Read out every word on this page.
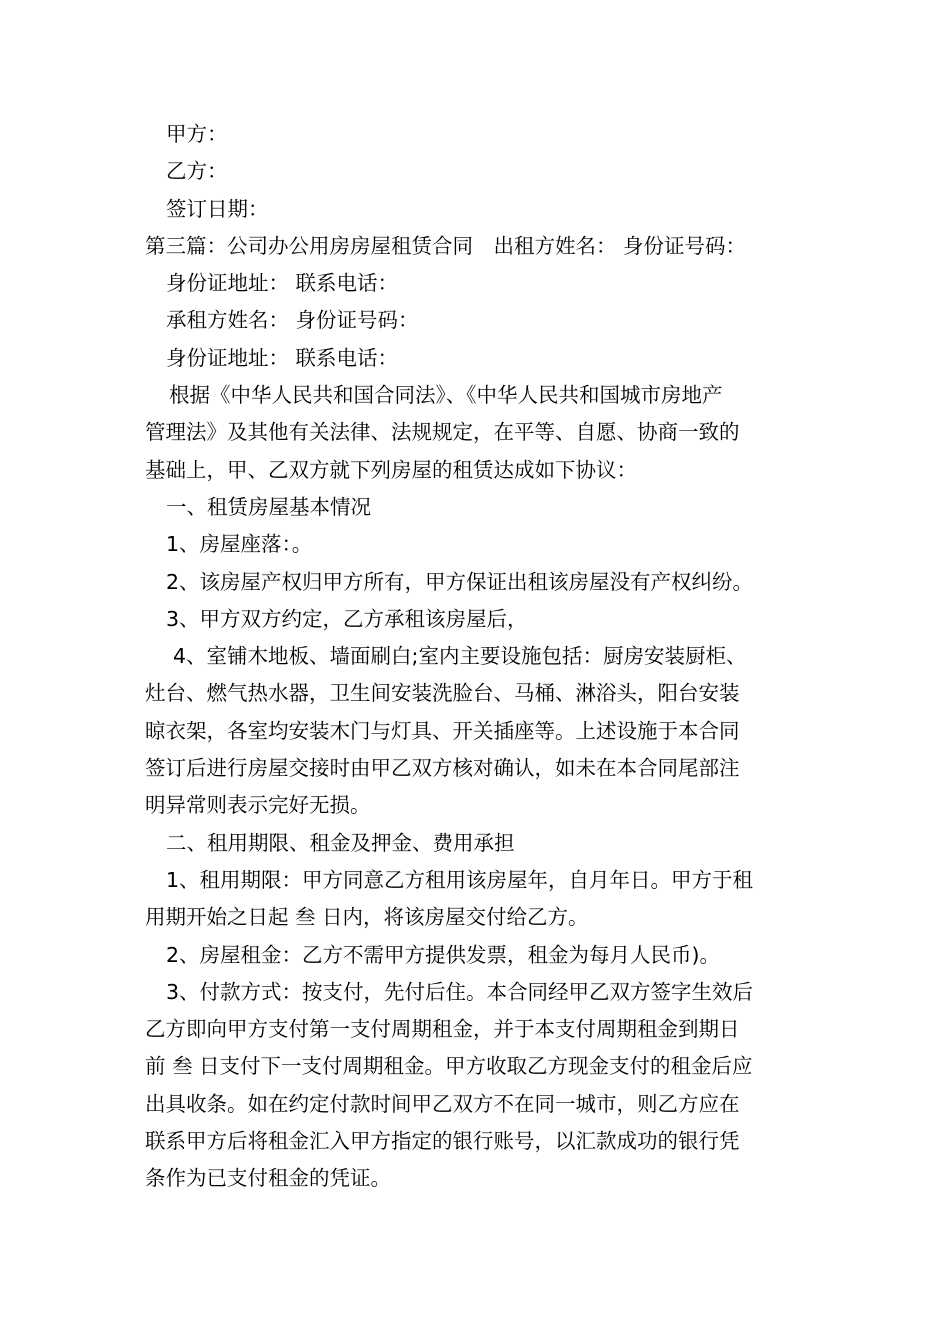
甲方：
乙方：
签订日期：
第三篇：公司办公用房房屋租赁合同　出租方姓名： 身份证号码：
身份证地址： 联系电话：
承租方姓名： 身份证号码：
身份证地址： 联系电话：
根据《中华人民共和国合同法》、《中华人民共和国城市房地产
管理法》及其他有关法律、法规规定，在平等、自愿、协商一致的
基础上，甲、乙双方就下列房屋的租赁达成如下协议：
一、租赁房屋基本情况
1、房屋座落：。
2、该房屋产权归甲方所有，甲方保证出租该房屋没有产权纠纷。
3、甲方双方约定，乙方承租该房屋后，
4、室铺木地板、墙面刷白;室内主要设施包括：厨房安装厨柜、
灶台、燃气热水器，卫生间安装洗脸台、马桶、淋浴头，阳台安装
晾衣架，各室均安装木门与灯具、开关插座等。上述设施于本合同
签订后进行房屋交接时由甲乙双方核对确认，如未在本合同尾部注
明异常则表示完好无损。
二、租用期限、租金及押金、费用承担
1、租用期限：甲方同意乙方租用该房屋年，自月年日。甲方于租
用期开始之日起 叁 日内，将该房屋交付给乙方。
2、房屋租金：乙方不需甲方提供发票，租金为每月人民币)。
3、付款方式：按支付，先付后住。本合同经甲乙双方签字生效后
乙方即向甲方支付第一支付周期租金，并于本支付周期租金到期日
前 叁 日支付下一支付周期租金。甲方收取乙方现金支付的租金后应
出具收条。如在约定付款时间甲乙双方不在同一城市，则乙方应在
联系甲方后将租金汇入甲方指定的银行账号，以汇款成功的银行凭
条作为已支付租金的凭证。
